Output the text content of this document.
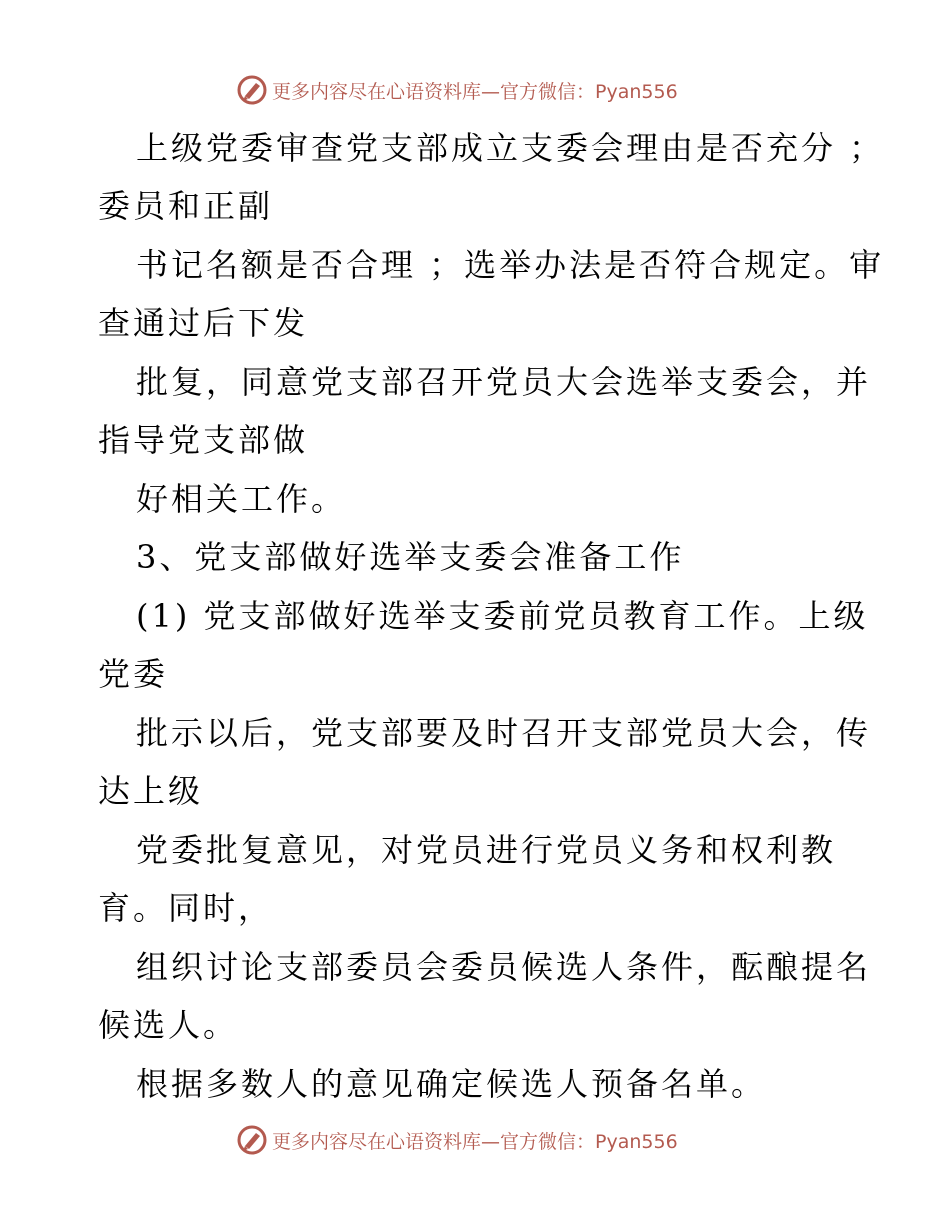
更多内容尽在心语资料库—官方微信：Pyan556
上级党委审查党支部成立支委会理由是否充分 ；
委员和正副
书记名额是否合理 ；选举办法是否符合规定。审
查通过后下发
批复，同意党支部召开党员大会选举支委会，并
指导党支部做
好相关工作。
3、党支部做好选举支委会准备工作
(1) 党支部做好选举支委前党员教育工作。上级
党委
批示以后，党支部要及时召开支部党员大会，传
达上级
党委批复意见，对党员进行党员义务和权利教
育。同时，
组织讨论支部委员会委员候选人条件，酝酿提名
候选人。
根据多数人的意见确定候选人预备名单。
更多内容尽在心语资料库—官方微信：Pyan556
